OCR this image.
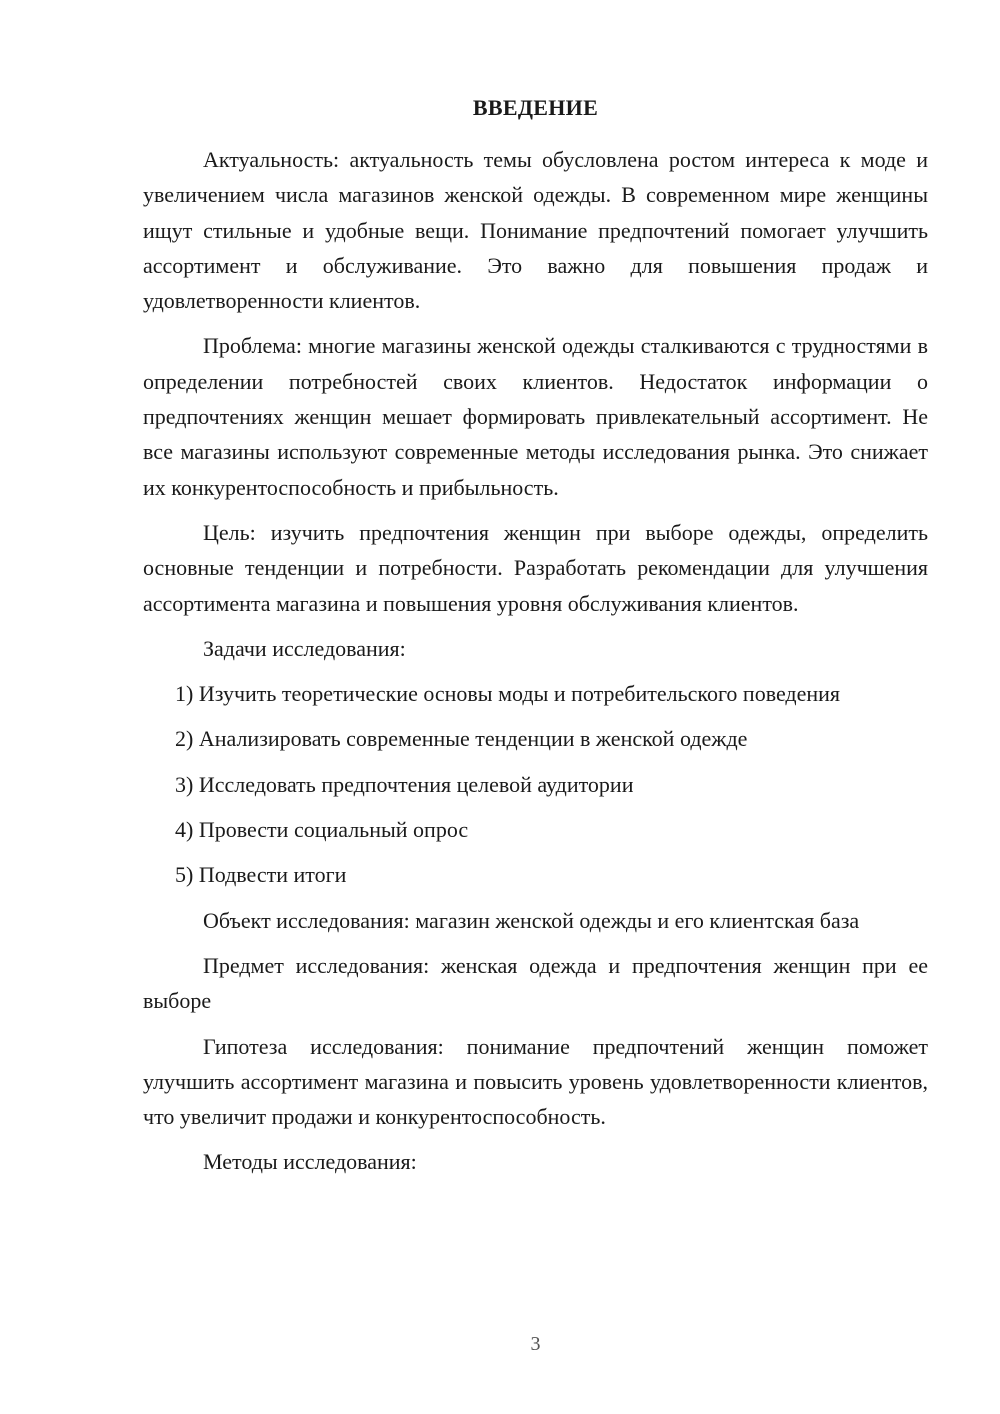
ВВЕДЕНИЕ

Актуальность: актуальность темы обусловлена ростом интереса к моде и увеличением числа магазинов женской одежды. В современном мире женщины ищут стильные и удобные вещи. Понимание предпочтений помогает улучшить ассортимент и обслуживание. Это важно для повышения продаж и удовлетворенности клиентов.

Проблема: многие магазины женской одежды сталкиваются с трудностями в определении потребностей своих клиентов. Недостаток информации о предпочтениях женщин мешает формировать привлекательный ассортимент. Не все магазины используют современные методы исследования рынка. Это снижает их конкурентоспособность и прибыльность.

Цель: изучить предпочтения женщин при выборе одежды, определить основные тенденции и потребности. Разработать рекомендации для улучшения ассортимента магазина и повышения уровня обслуживания клиентов.

Задачи исследования:

1) Изучить теоретические основы моды и потребительского поведения
2) Анализировать современные тенденции в женской одежде
3) Исследовать предпочтения целевой аудитории
4) Провести социальный опрос
5) Подвести итоги

Объект исследования: магазин женской одежды и его клиентская база

Предмет исследования: женская одежда и предпочтения женщин при ее выборе

Гипотеза исследования: понимание предпочтений женщин поможет улучшить ассортимент магазина и повысить уровень удовлетворенности клиентов, что увеличит продажи и конкурентоспособность.

Методы исследования:

3
